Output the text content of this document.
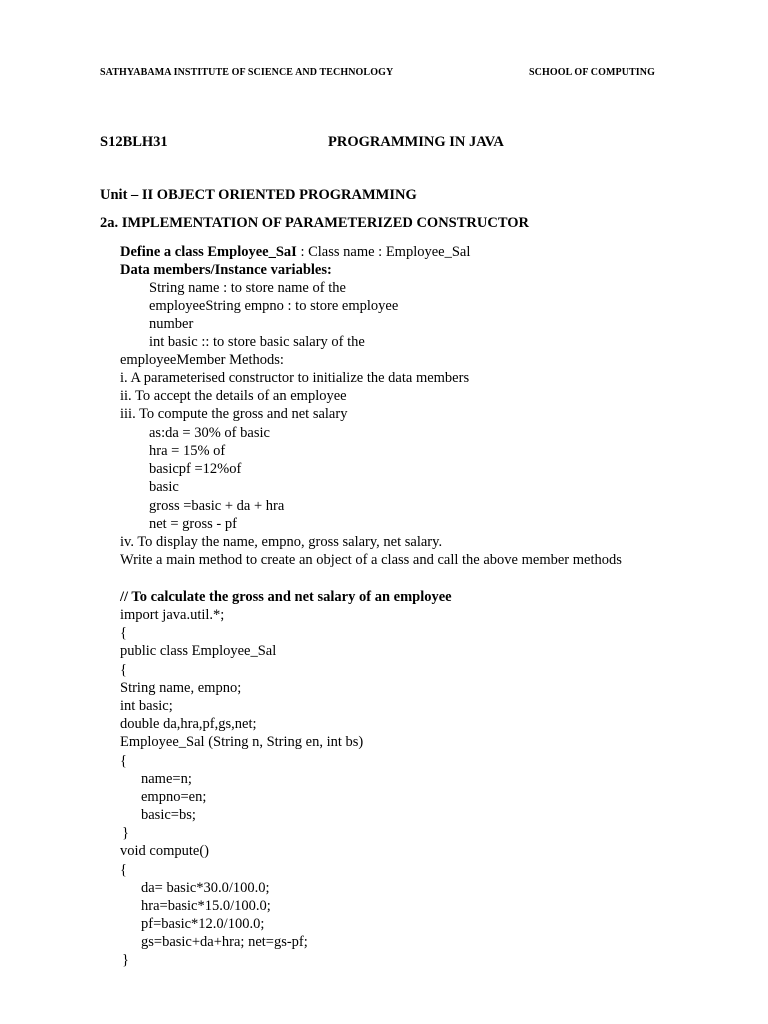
SATHYABAMA INSTITUTE OF SCIENCE AND TECHNOLOGY	SCHOOL OF COMPUTING
S12BLH31	PROGRAMMING IN JAVA
Unit – II OBJECT ORIENTED PROGRAMMING
2a. IMPLEMENTATION OF PARAMETERIZED CONSTRUCTOR
Define a class Employee_SaI : Class name : Employee_Sal
Data members/Instance variables:
String name : to store name of the
employeeString empno : to store employee
number
int basic :: to store basic salary of the
employeeMember Methods:
i. A parameterised constructor to initialize the data members
ii. To accept the details of an employee
iii. To compute the gross and net salary
as:da = 30% of basic
hra = 15% of
basicpf =12%of
basic
gross =basic + da + hra
net = gross - pf
iv. To display the name, empno, gross salary, net salary.
Write a main method to create an object of a class and call the above member methods
// To calculate the gross and net salary of an employee
import java.util.*;
{
public class Employee_Sal
{
String name, empno;
int basic;
double da,hra,pf,gs,net;
Employee_Sal (String n, String en, int bs)
{
name=n;
empno=en;
basic=bs;
}
void compute()
{
da= basic*30.0/100.0;
hra=basic*15.0/100.0;
pf=basic*12.0/100.0;
gs=basic+da+hra; net=gs-pf;
}
